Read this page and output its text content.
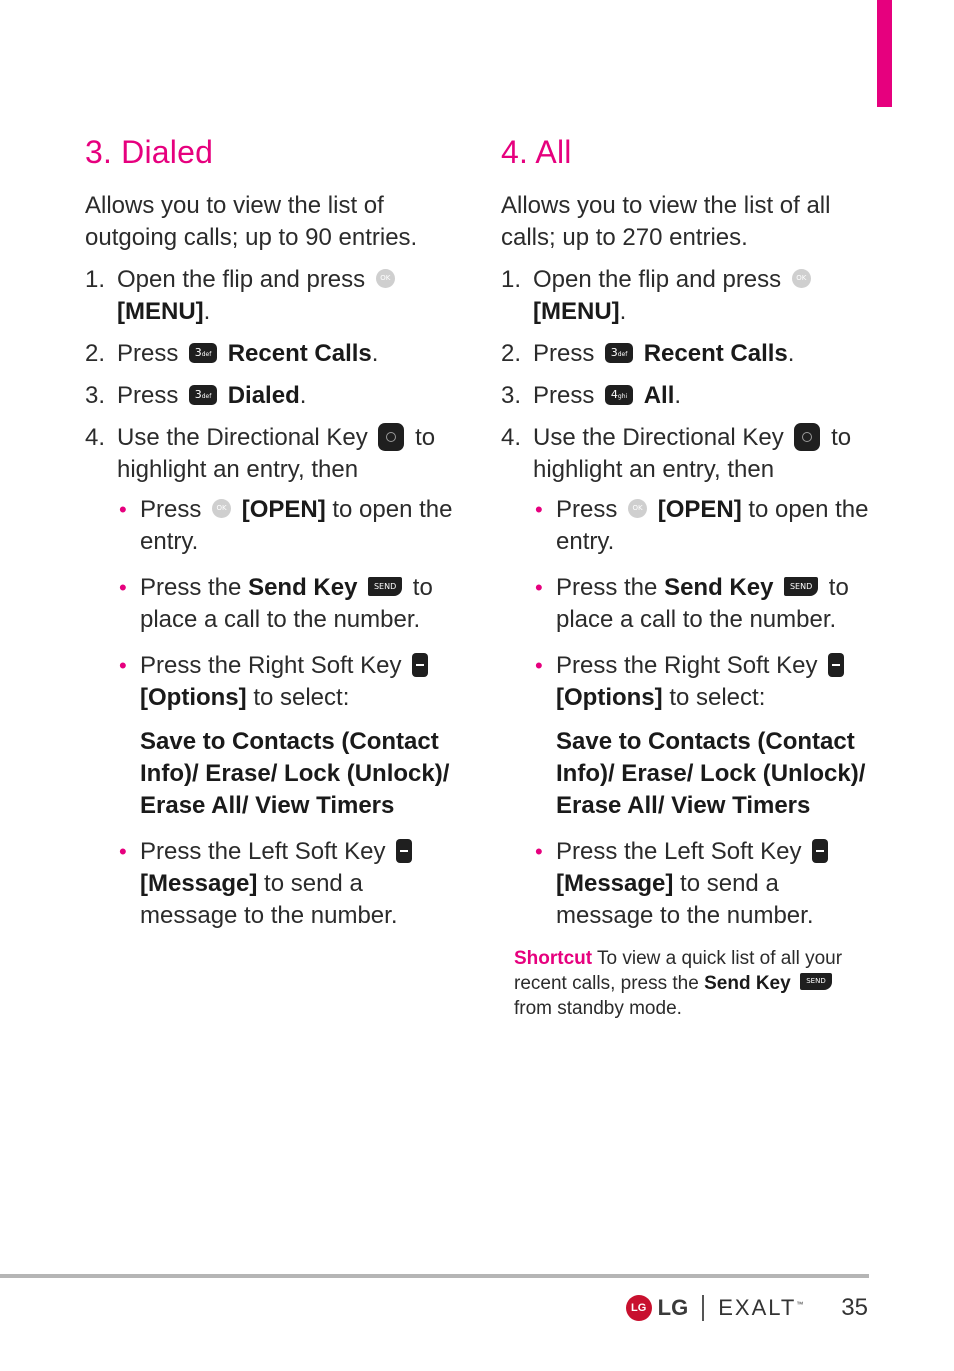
3. Dialed

Allows you to view the list of outgoing calls; up to 90 entries.

1. Open the flip and press OK [MENU].
2. Press 3def Recent Calls.
3. Press 3def Dialed.
4. Use the Directional Key to highlight an entry, then
• Press OK [OPEN] to open the entry.
• Press the Send Key SEND to place a call to the number.
• Press the Right Soft Key  [Options] to select:
Save to Contacts (Contact Info)/ Erase/ Lock (Unlock)/ Erase All/ View Timers
• Press the Left Soft Key  [Message] to send a message to the number.
4. All

Allows you to view the list of all calls; up to 270 entries.

1. Open the flip and press OK [MENU].
2. Press 3def Recent Calls.
3. Press 4ghi All.
4. Use the Directional Key to highlight an entry, then
• Press OK [OPEN] to open the entry.
• Press the Send Key SEND to place a call to the number.
• Press the Right Soft Key  [Options] to select:
Save to Contacts (Contact Info)/ Erase/ Lock (Unlock)/ Erase All/ View Timers
• Press the Left Soft Key  [Message] to send a message to the number.
Shortcut To view a quick list of all your recent calls, press the Send Key SEND from standby mode.
LG LG EXALT™ 35
